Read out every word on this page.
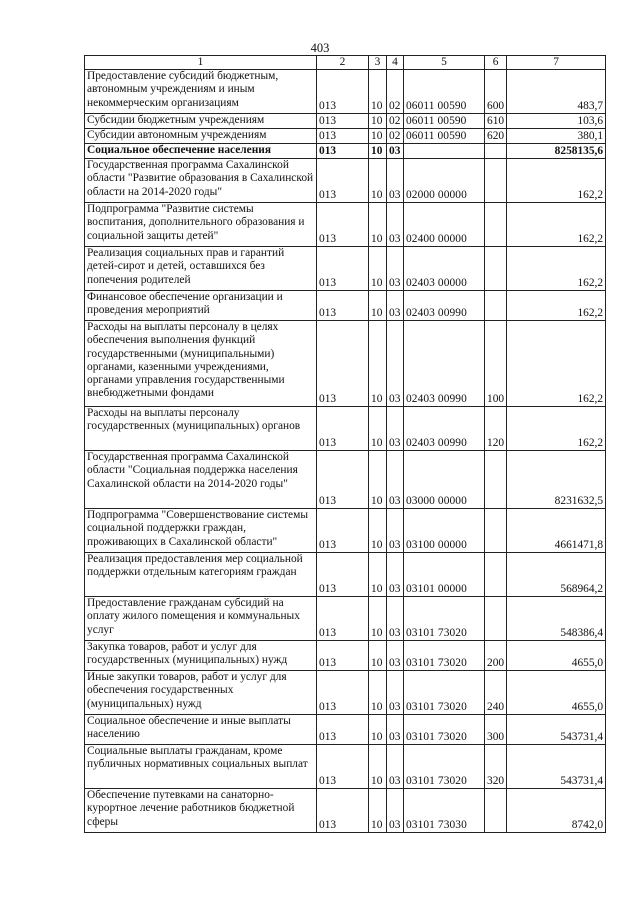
403
1	2	3	4	5	6	7
Предоставление субсидий бюджетным, автономным учреждениям и иным некоммерческим организациям	013	10	02	06011 00590	600	483,7
Субсидии бюджетным учреждениям	013	10	02	06011 00590	610	103,6
Субсидии автономным учреждениям	013	10	02	06011 00590	620	380,1
Социальное обеспечение населения	013	10	03			8258135,6
Государственная программа Сахалинской области "Развитие образования в Сахалинской области на 2014-2020 годы"	013	10	03	02000 00000		162,2
Подпрограмма "Развитие системы воспитания, дополнительного образования и социальной защиты детей"	013	10	03	02400 00000		162,2
Реализация социальных прав и гарантий детей-сирот и детей, оставшихся без попечения родителей	013	10	03	02403 00000		162,2
Финансовое обеспечение организации и проведения мероприятий	013	10	03	02403 00990		162,2
Расходы на выплаты персоналу в целях обеспечения выполнения функций государственными (муниципальными) органами, казенными учреждениями, органами управления государственными внебюджетными фондами	013	10	03	02403 00990	100	162,2
Расходы на выплаты персоналу государственных (муниципальных) органов	013	10	03	02403 00990	120	162,2
Государственная программа Сахалинской области "Социальная поддержка населения Сахалинской области на 2014-2020 годы"	013	10	03	03000 00000		8231632,5
Подпрограмма "Совершенствование системы социальной поддержки граждан, проживающих в Сахалинской области"	013	10	03	03100 00000		4661471,8
Реализация предоставления мер социальной поддержки отдельным категориям граждан	013	10	03	03101 00000		568964,2
Предоставление гражданам субсидий на оплату жилого помещения и коммунальных услуг	013	10	03	03101 73020		548386,4
Закупка товаров, работ и услуг для государственных (муниципальных) нужд	013	10	03	03101 73020	200	4655,0
Иные закупки товаров, работ и услуг для обеспечения государственных (муниципальных) нужд	013	10	03	03101 73020	240	4655,0
Социальное обеспечение и иные выплаты населению	013	10	03	03101 73020	300	543731,4
Социальные выплаты гражданам, кроме публичных нормативных социальных выплат	013	10	03	03101 73020	320	543731,4
Обеспечение путевками на санаторно-курортное лечение работников бюджетной сферы	013	10	03	03101 73030		8742,0
